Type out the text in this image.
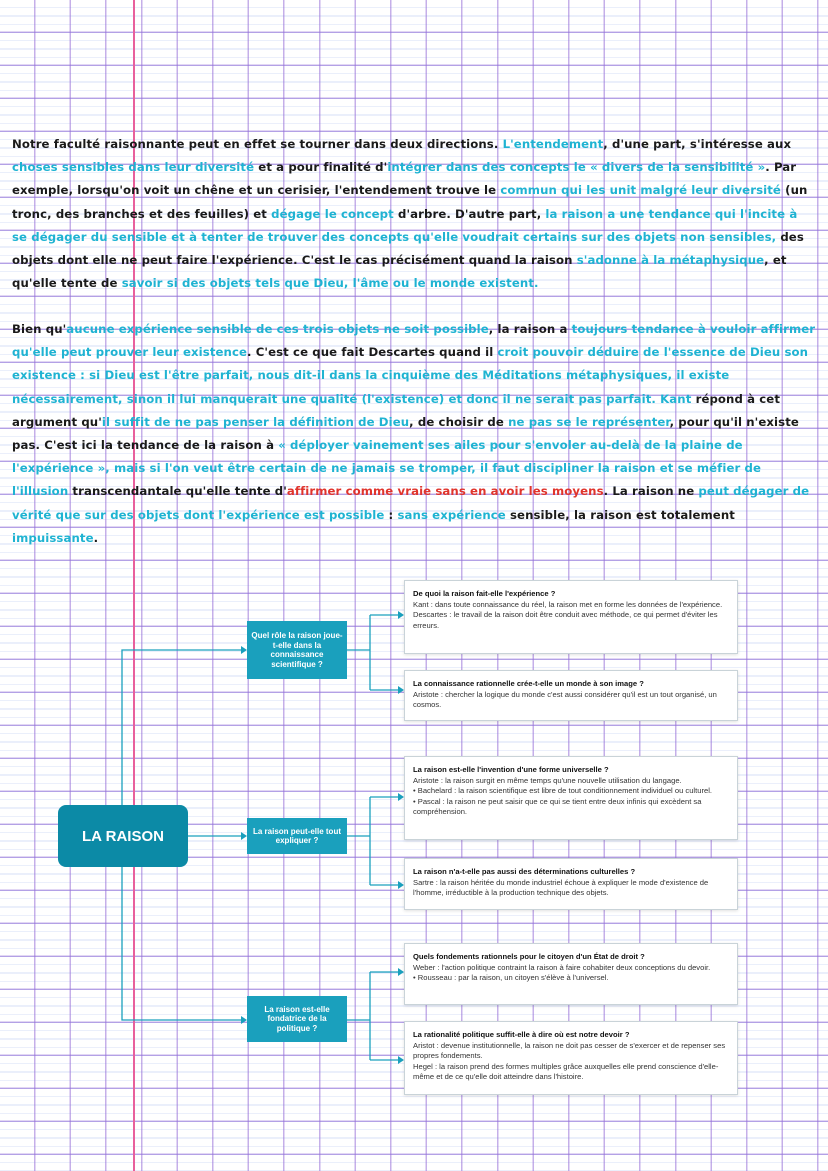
Notre faculté raisonnante peut en effet se tourner dans deux directions. L'entendement, d'une part, s'intéresse aux choses sensibles dans leur diversité et a pour finalité d'intégrer dans des concepts le « divers de la sensibilité ». Par exemple, lorsqu'on voit un chêne et un cerisier, l'entendement trouve le commun qui les unit malgré leur diversité (un tronc, des branches et des feuilles) et dégage le concept d'arbre. D'autre part, la raison a une tendance qui l'incite à se dégager du sensible et à tenter de trouver des concepts qu'elle voudrait certains sur des objets non sensibles, des objets dont elle ne peut faire l'expérience. C'est le cas précisément quand la raison s'adonne à la métaphysique, et qu'elle tente de savoir si des objets tels que Dieu, l'âme ou le monde existent.

Bien qu'aucune expérience sensible de ces trois objets ne soit possible, la raison a toujours tendance à vouloir affirmer qu'elle peut prouver leur existence. C'est ce que fait Descartes quand il croit pouvoir déduire de l'essence de Dieu son existence : si Dieu est l'être parfait, nous dit-il dans la cinquième des Méditations métaphysiques, il existe nécessairement, sinon il lui manquerait une qualité (l'existence) et donc il ne serait pas parfait. Kant répond à cet argument qu'il suffit de ne pas penser la définition de Dieu, de choisir de ne pas se le représenter, pour qu'il n'existe pas. C'est ici la tendance de la raison à « déployer vainement ses ailes pour s'envoler au-delà de la plaine de l'expérience », mais si l'on veut être certain de ne jamais se tromper, il faut discipliner la raison et se méfier de l'illusion transcendantale qu'elle tente d'affirmer comme vraie sans en avoir les moyens. La raison ne peut dégager de vérité que sur des objets dont l'expérience est possible : sans expérience sensible, la raison est totalement impuissante.

LA RAISON
Quel rôle la raison joue-t-elle dans la connaissance scientifique ?
La raison peut-elle tout expliquer ?
La raison est-elle fondatrice de la politique ?
De quoi la raison fait-elle l'expérience ?
Kant : dans toute connaissance du réel, la raison met en forme les données de l'expérience.
Descartes : le travail de la raison doit être conduit avec méthode, ce qui permet d'éviter les erreurs.
La connaissance rationnelle crée-t-elle un monde à son image ?
Aristote : chercher la logique du monde c'est aussi considérer qu'il est un tout organisé, un cosmos.
La raison est-elle l'invention d'une forme universelle ?
Aristote : la raison surgit en même temps qu'une nouvelle utilisation du langage.
• Bachelard : la raison scientifique est libre de tout conditionnement individuel ou culturel.
• Pascal : la raison ne peut saisir que ce qui se tient entre deux infinis qui excèdent sa compréhension.
La raison n'a-t-elle pas aussi des déterminations culturelles ?
Sartre : la raison héritée du monde industriel échoue à expliquer le mode d'existence de l'homme, irréductible à la production technique des objets.
Quels fondements rationnels pour le citoyen d'un État de droit ?
Weber : l'action politique contraint la raison à faire cohabiter deux conceptions du devoir.
• Rousseau : par la raison, un citoyen s'élève à l'universel.
La rationalité politique suffit-elle à dire où est notre devoir ?
Aristot : devenue institutionnelle, la raison ne doit pas cesser de s'exercer et de repenser ses propres fondements.
Hegel : la raison prend des formes multiples grâce auxquelles elle prend conscience d'elle-même et de ce qu'elle doit atteindre dans l'histoire.
